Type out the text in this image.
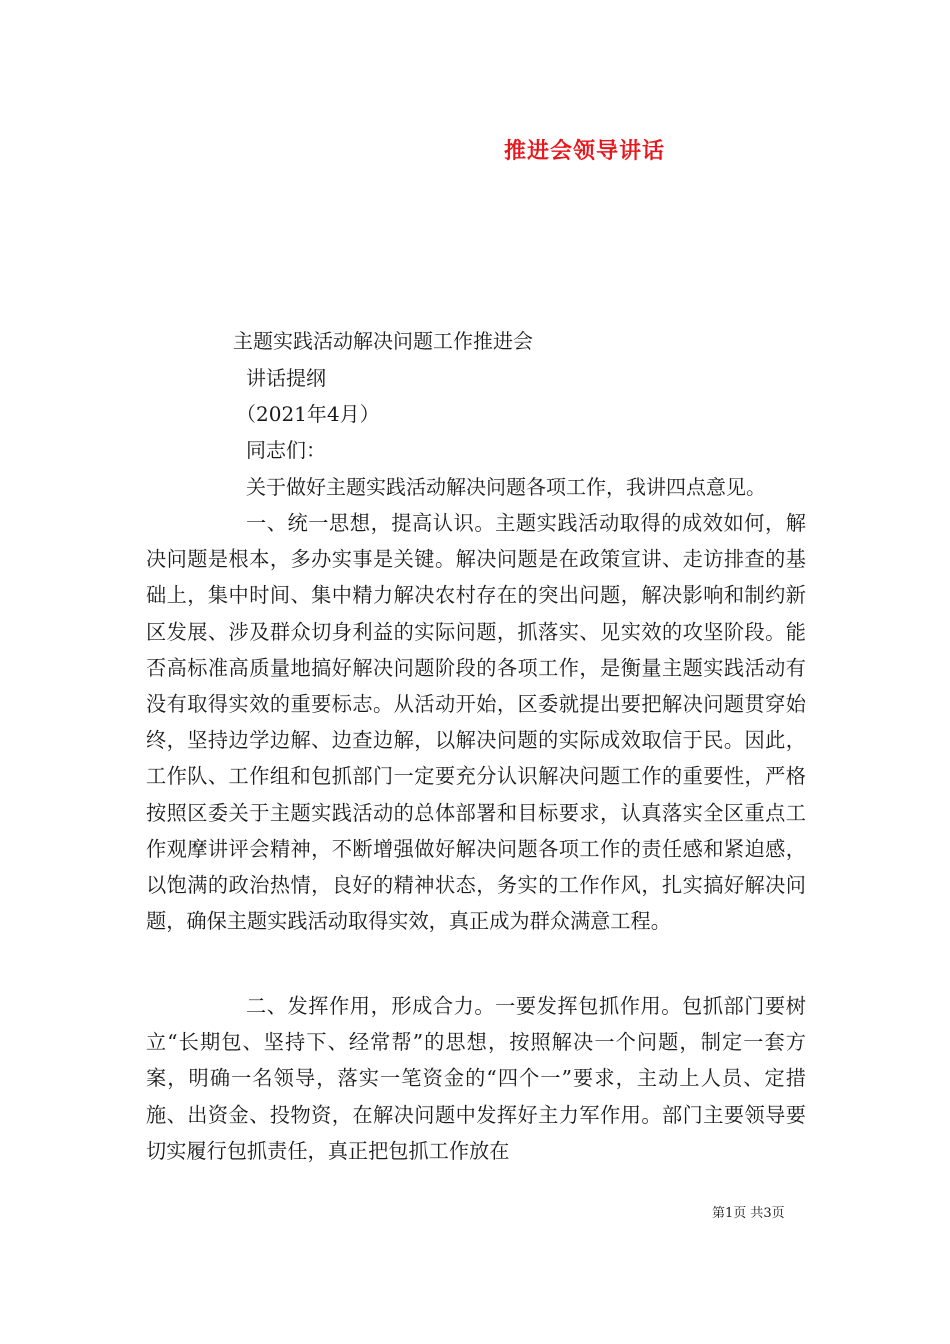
推进会领导讲话

主题实践活动解决问题工作推进会

讲话提纲

（2021年4月）

同志们：

关于做好主题实践活动解决问题各项工作，我讲四点意见。

一、统一思想，提高认识。主题实践活动取得的成效如何，解决问题是根本，多办实事是关键。解决问题是在政策宣讲、走访排查的基础上，集中时间、集中精力解决农村存在的突出问题，解决影响和制约新区发展、涉及群众切身利益的实际问题，抓落实、见实效的攻坚阶段。能否高标准高质量地搞好解决问题阶段的各项工作，是衡量主题实践活动有没有取得实效的重要标志。从活动开始，区委就提出要把解决问题贯穿始终，坚持边学边解、边查边解，以解决问题的实际成效取信于民。因此，工作队、工作组和包抓部门一定要充分认识解决问题工作的重要性，严格按照区委关于主题实践活动的总体部署和目标要求，认真落实全区重点工作观摩讲评会精神，不断增强做好解决问题各项工作的责任感和紧迫感，以饱满的政治热情，良好的精神状态，务实的工作作风，扎实搞好解决问题，确保主题实践活动取得实效，真正成为群众满意工程。

二、发挥作用，形成合力。一要发挥包抓作用。包抓部门要树立“长期包、坚持下、经常帮”的思想，按照解决一个问题，制定一套方案，明确一名领导，落实一笔资金的“四个一”要求，主动上人员、定措施、出资金、投物资，在解决问题中发挥好主力军作用。部门主要领导要切实履行包抓责任，真正把包抓工作放在

第1页 共3页
